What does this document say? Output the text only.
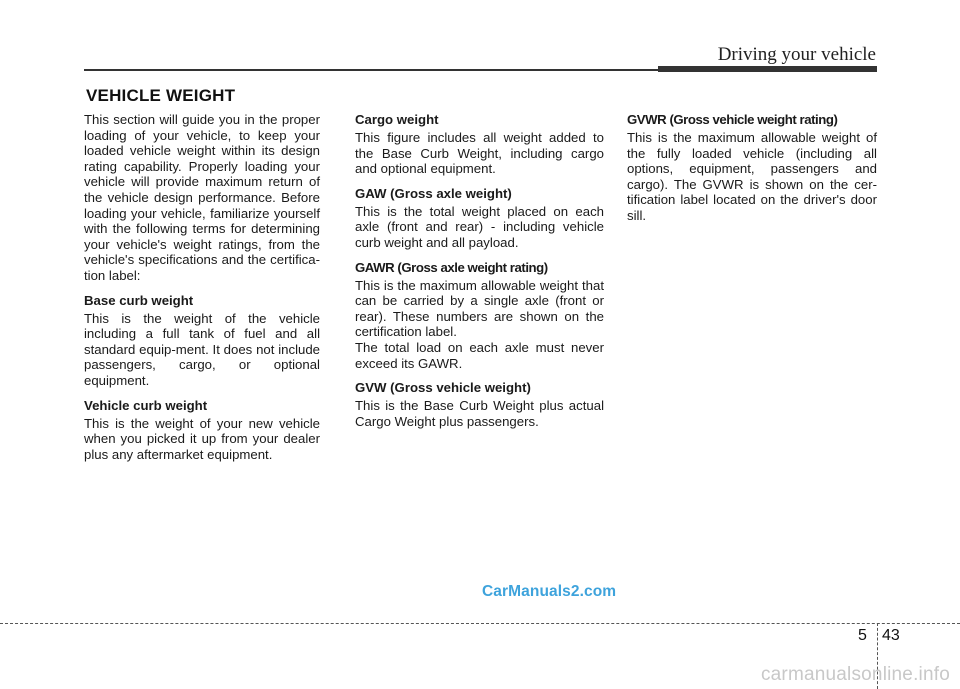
Driving your vehicle
VEHICLE WEIGHT

This section will guide you in the proper loading of your vehicle, to keep your loaded vehicle weight within its design rating capability. Properly loading your vehicle will provide maximum return of the vehicle design performance. Before loading your vehicle, familiarize yourself with the following terms for determining your vehicle's weight ratings, from the vehicle's specifications and the certifica-tion label:

Base curb weight

This is the weight of the vehicle including a full tank of fuel and all standard equip-ment. It does not include passengers, cargo, or optional equipment.

Vehicle curb weight

This is the weight of your new vehicle when you picked it up from your dealer plus any aftermarket equipment.

Cargo weight

This figure includes all weight added to the Base Curb Weight, including cargo and optional equipment.

GAW (Gross axle weight)

This is the total weight placed on each axle (front and rear) - including vehicle curb weight and all payload.

GAWR (Gross axle weight rating)

This is the maximum allowable weight that can be carried by a single axle (front or rear). These numbers are shown on the certification label.

The total load on each axle must never exceed its GAWR.

GVW (Gross vehicle weight)

This is the Base Curb Weight plus actual Cargo Weight plus passengers.

GVWR (Gross vehicle weight rating)

This is the maximum allowable weight of the fully loaded vehicle (including all options, equipment, passengers and cargo). The GVWR is shown on the cer-tification label located on the driver's door sill.

CarManuals2.com
5 43
carmanualsonline.info
